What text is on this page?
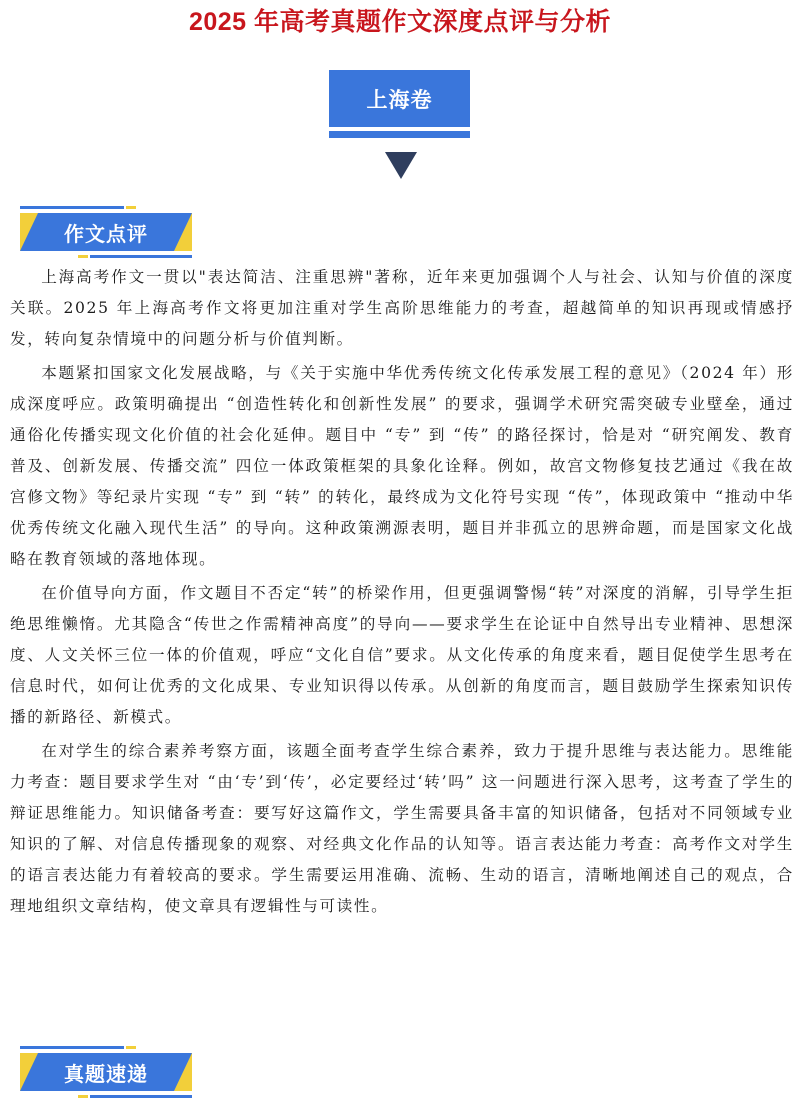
2025 年高考真题作文深度点评与分析
上海卷
作文点评

上海高考作文一贯以"表达简洁、注重思辨"著称，近年来更加强调个人与社会、认知与价值的深度关联。2025 年上海高考作文将更加注重对学生高阶思维能力的考查，超越简单的知识再现或情感抒发，转向复杂情境中的问题分析与价值判断。

本题紧扣国家文化发展战略，与《关于实施中华优秀传统文化传承发展工程的意见》（2024 年）形成深度呼应。政策明确提出 “创造性转化和创新性发展” 的要求，强调学术研究需突破专业壁垒，通过通俗化传播实现文化价值的社会化延伸。题目中 “专” 到 “传” 的路径探讨，恰是对 “研究阐发、教育普及、创新发展、传播交流” 四位一体政策框架的具象化诠释。例如，故宫文物修复技艺通过《我在故宫修文物》等纪录片实现 “专” 到 “转” 的转化，最终成为文化符号实现 “传”，体现政策中 “推动中华优秀传统文化融入现代生活” 的导向。这种政策溯源表明，题目并非孤立的思辨命题，而是国家文化战略在教育领域的落地体现。

在价值导向方面，作文题目不否定“转”的桥梁作用，但更强调警惕“转”对深度的消解，引导学生拒绝思维懒惰。尤其隐含“传世之作需精神高度”的导向——要求学生在论证中自然导出专业精神、思想深度、人文关怀三位一体的价值观，呼应“文化自信”要求。从文化传承的角度来看，题目促使学生思考在信息时代，如何让优秀的文化成果、专业知识得以传承。从创新的角度而言，题目鼓励学生探索知识传播的新路径、新模式。

在对学生的综合素养考察方面，该题全面考查学生综合素养，致力于提升思维与表达能力。思维能力考查：题目要求学生对 “由‘专’到‘传’，必定要经过‘转’吗” 这一问题进行深入思考，这考查了学生的辩证思维能力。知识储备考查：要写好这篇作文，学生需要具备丰富的知识储备，包括对不同领域专业知识的了解、对信息传播现象的观察、对经典文化作品的认知等。语言表达能力考查：高考作文对学生的语言表达能力有着较高的要求。学生需要运用准确、流畅、生动的语言，清晰地阐述自己的观点，合理地组织文章结构，使文章具有逻辑性与可读性。

真题速递
